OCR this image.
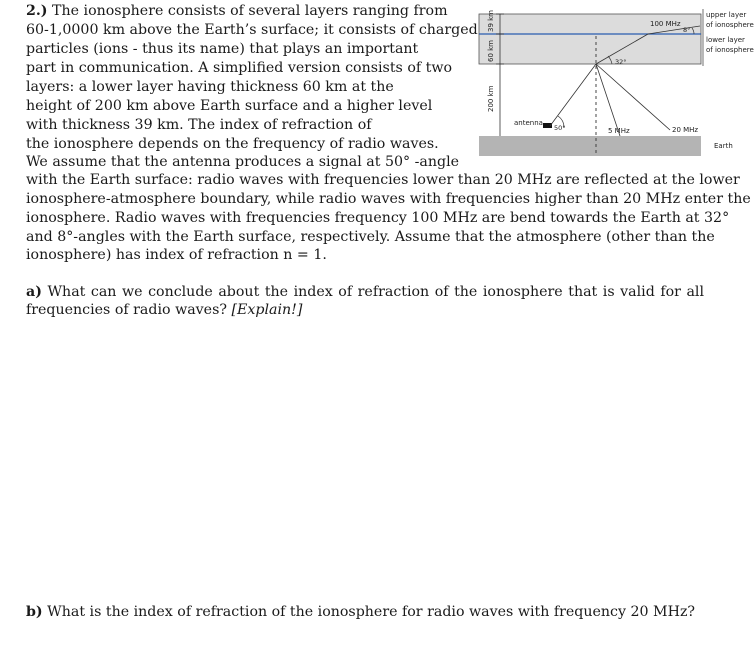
2.) The ionosphere consists of several layers ranging from

60-1,0000 km above the Earth’s surface; it consists of charged

particles (ions - thus its name) that plays an important

part in communication. A simplified version consists of two

layers: a lower layer having thickness 60 km at the

height of 200 km above Earth surface and a higher level

with thickness 39 km. The index of refraction of

the ionosphere depends on the frequency of radio waves.

We assume that the antenna produces a signal at 50° -angle

with the Earth surface: radio waves with frequencies lower than 20 MHz are reflected at the lower

ionosphere-atmosphere boundary, while radio waves with frequencies higher than 20 MHz enter the

ionosphere. Radio waves with frequencies frequency 100 MHz are bend towards the Earth at 32°

and 8°-angles with the Earth surface, respectively. Assume that the atmosphere (other than the

ionosphere) has index of refraction n = 1.

a) What can we conclude about the index of refraction of the ionosphere that is valid for all

frequencies of radio waves? [Explain!]

b) What is the index of refraction of the ionosphere for radio waves with frequency 20 MHz?

39 km
60 km
200 km
antenna
50°
32°
8°
100 MHz
5 MHz	20 MHz
upper layer
of ionosphere
lower layer
of ionosphere
Earth
